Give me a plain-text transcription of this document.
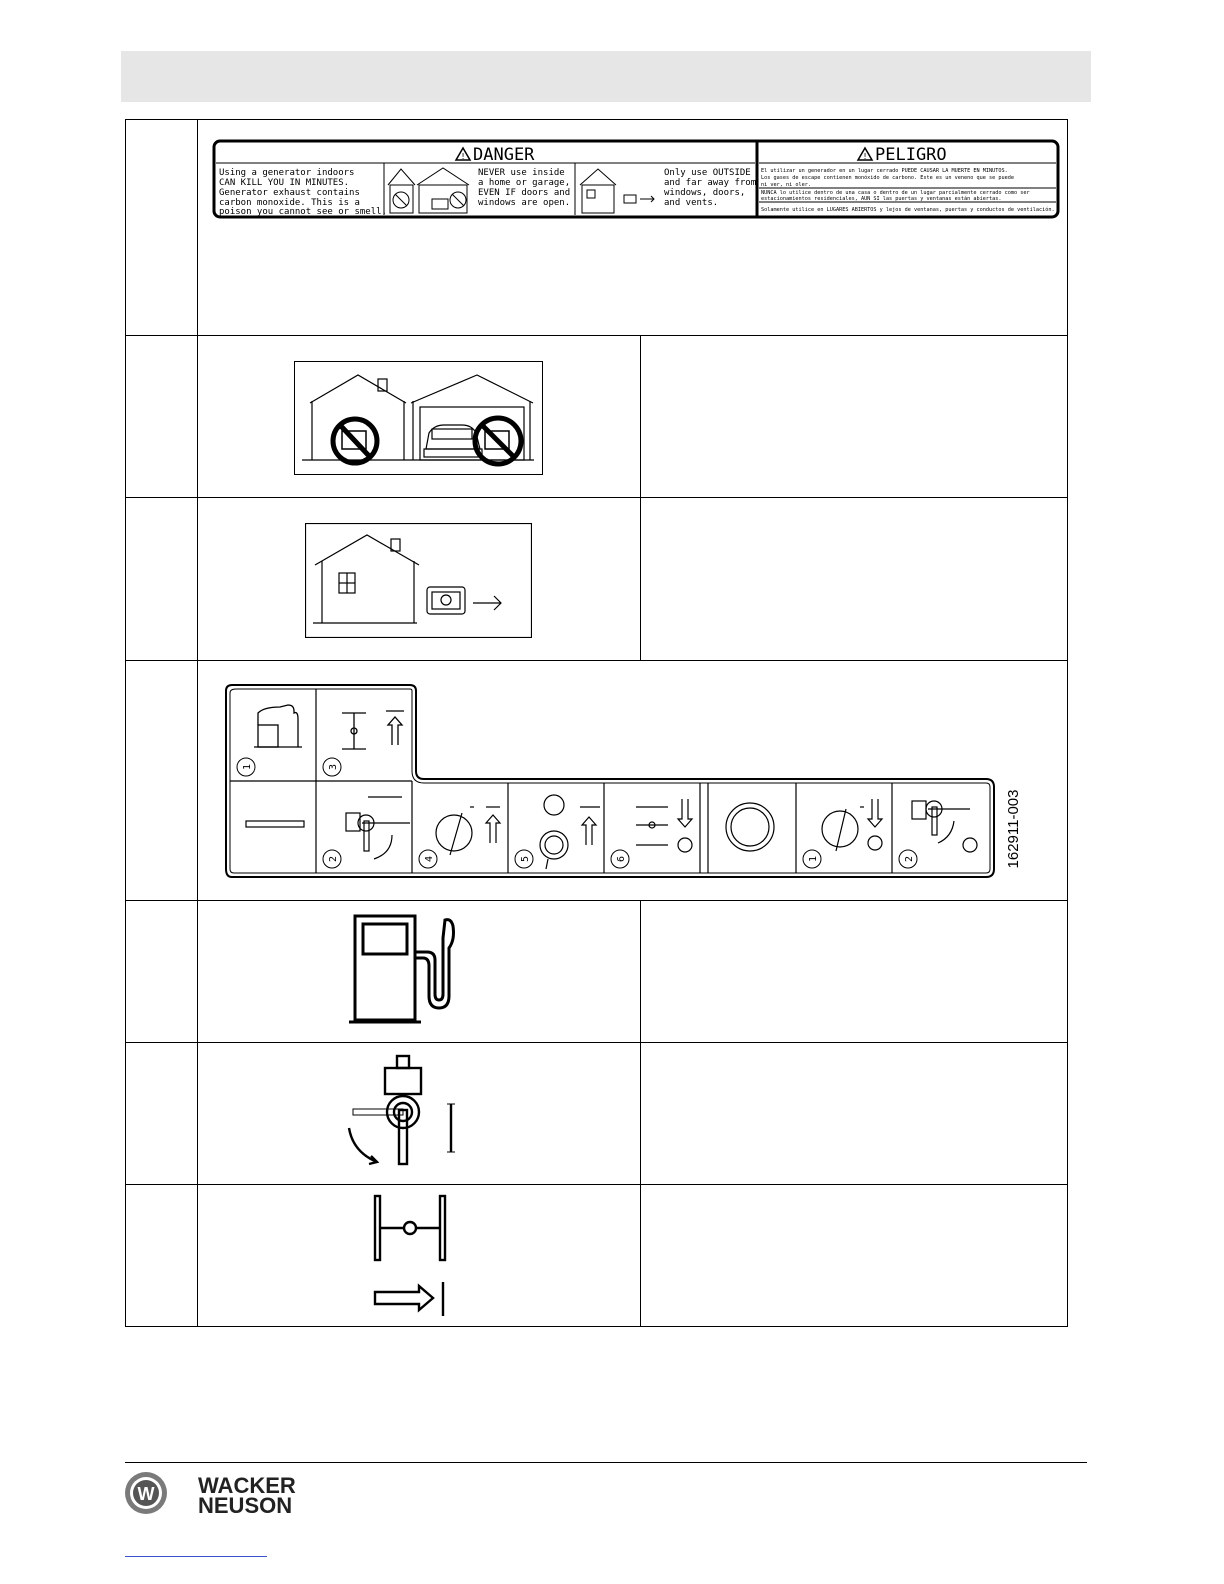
!	!
DANGER	PELIGRO
Using a generator indoors
CAN KILL YOU IN MINUTES.
Generator exhaust contains
carbon monoxide. This is a
poison you cannot see or smell.
NEVER use inside
a home or garage,
EVEN IF doors and
windows are open.
Only use OUTSIDE
and far away from
windows, doors,
and vents.
El utilizar un generador en un lugar cerrado PUEDE CAUSAR LA MUERTE EN MINUTOS.
Los gases de escape contienen monóxido de carbono. Este es un veneno que se puede
ni ver, ni oler.
NUNCA lo utilice dentro de una casa o dentro de un lugar parcialmente cerrado como ser
estacionamientos residenciales, AUN SI las puertas y ventanas están abiertas.
Solamente utilice en LUGARES ABIERTOS y lejos de ventanas, puertas y conductos de ventilación.
1	3
2	4	5	6	1	2	162911-003
W WACKER
NEUSON
